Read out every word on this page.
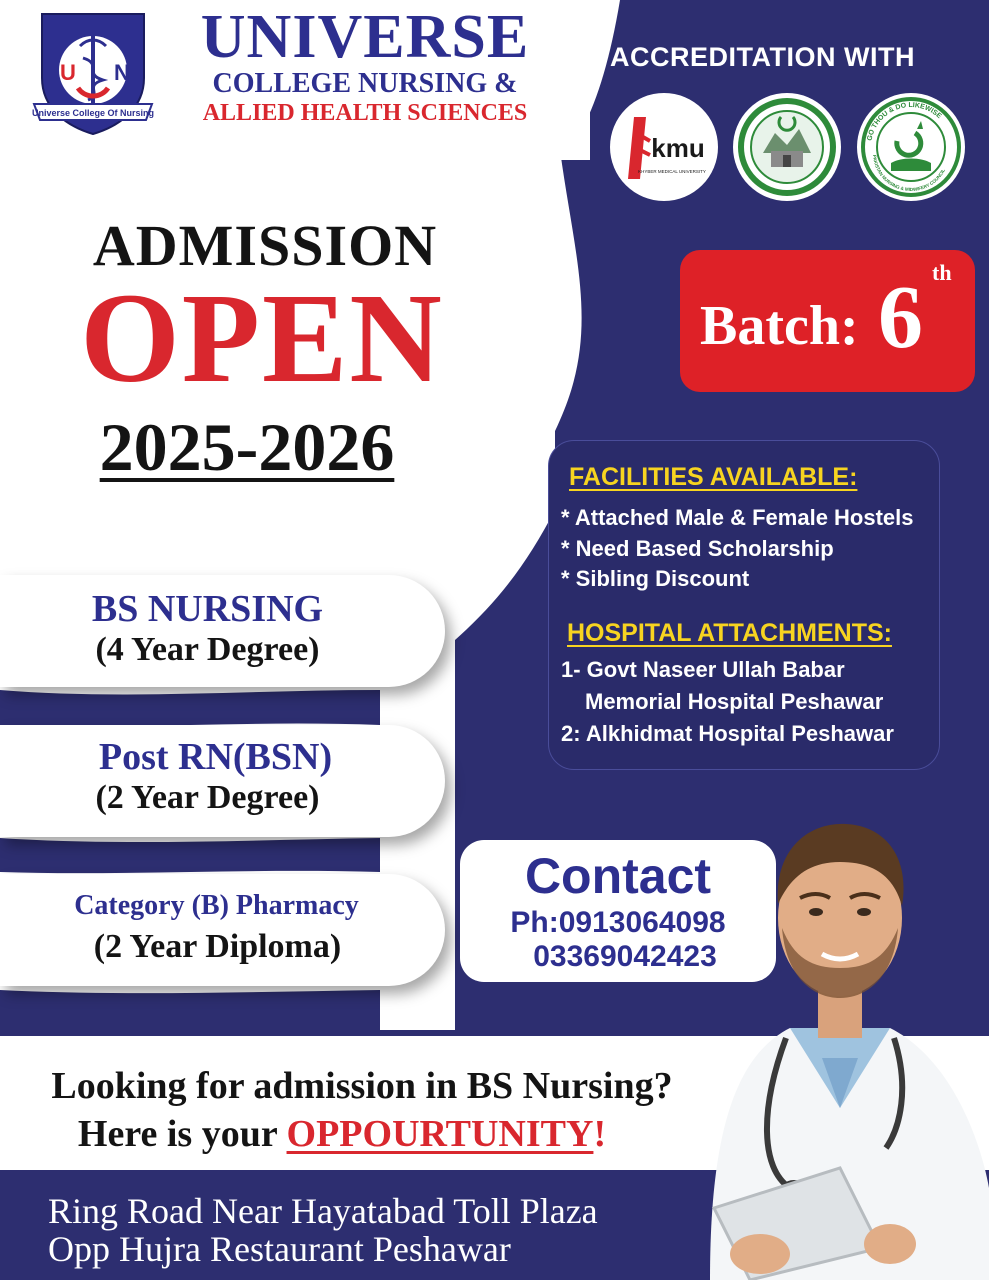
U N
Universe College Of Nursing
UNIVERSE
COLLEGE NURSING &
ALLIED HEALTH SCIENCES
ACCREDITATION WITH
kmu
KHYBER MEDICAL UNIVERSITY
GO THOU & DO LIKEWISE
PAKISTAN NURSING & MIDWIFERY COUNCIL
ADMISSION
OPEN
2025-2026
Batch: 6 th
FACILITIES AVAILABLE:
* Attached Male & Female Hostels
* Need Based Scholarship
* Sibling Discount
HOSPITAL ATTACHMENTS:
1- Govt Naseer Ullah Babar
Memorial Hospital Peshawar
2: Alkhidmat Hospital Peshawar
BS NURSING
(4 Year Degree)
Post RN(BSN)
(2 Year Degree)
Category (B) Pharmacy
(2 Year Diploma)
Contact
Ph:0913064098
03369042423
Looking for admission in BS Nursing?
Here is your OPPOURTUNITY!
Ring Road Near Hayatabad Toll Plaza
Opp Hujra Restaurant Peshawar
